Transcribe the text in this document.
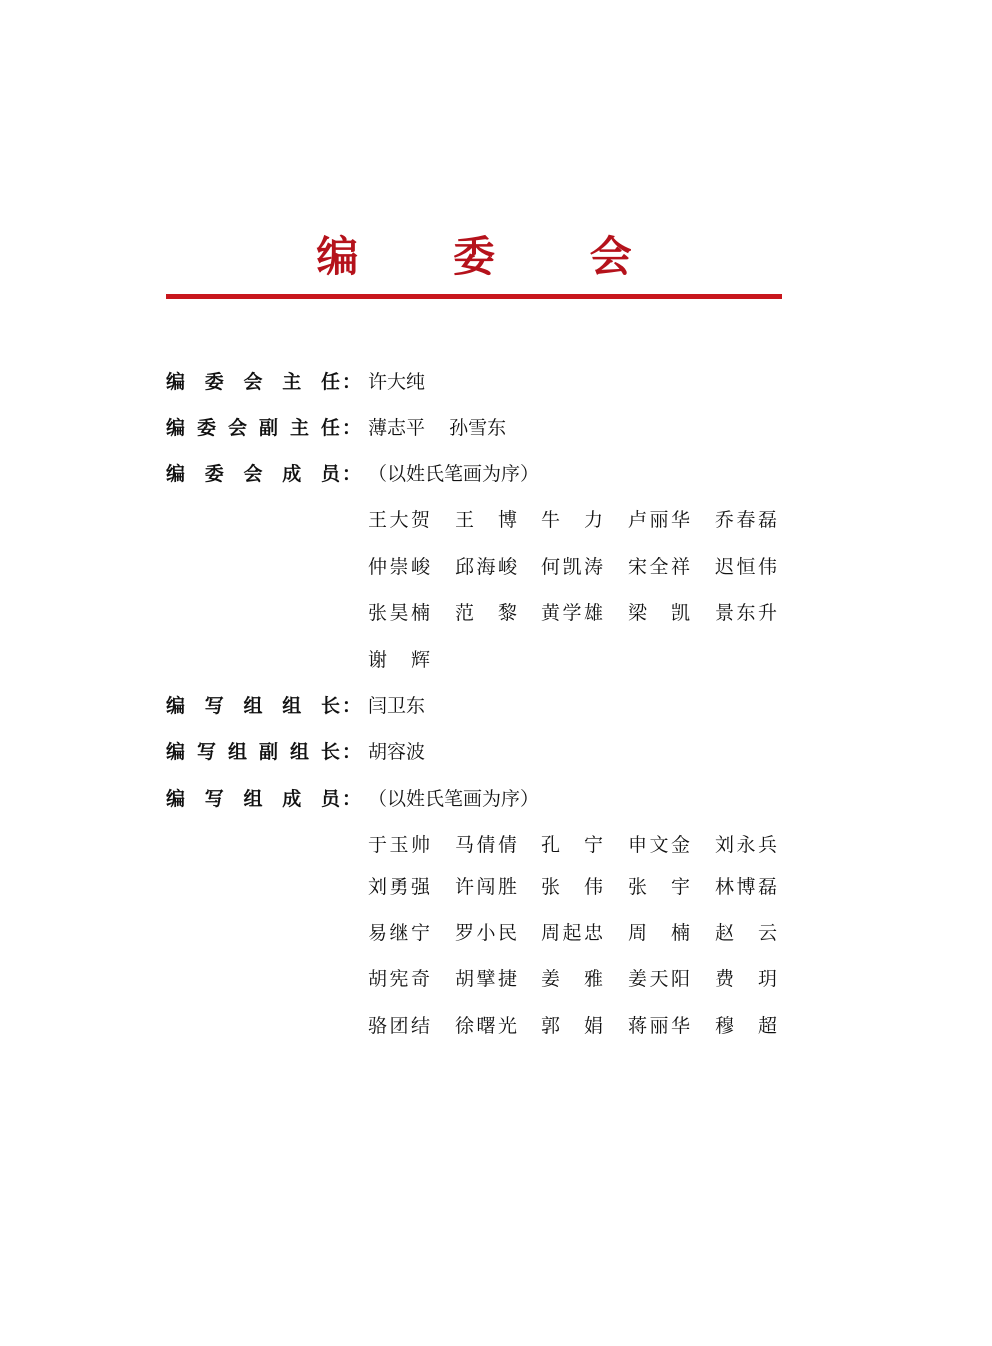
编 委 会
编 委 会 主 任 ： 许大纯
编 委 会 副 主 任 ： 薄志平    孙雪东
编 委 会 成 员 ： （以姓氏笔画为序）
编 写 组 组 长 ： 闫卫东
编 写 组 副 组 长 ： 胡容波
编 写 组 成 员 ： （以姓氏笔画为序）
王 大 贺 王 博 牛 力 卢 丽 华 乔 春 磊
仲 崇 峻 邱 海 峻 何 凯 涛 宋 全 祥 迟 恒 伟
张 昊 楠 范 黎 黄 学 雄 梁 凯 景 东 升
谢 辉
于 玉 帅 马 倩 倩 孔 宁 申 文 金 刘 永 兵
刘 勇 强 许 闯 胜 张 伟 张 宇 林 博 磊
易 继 宁 罗 小 民 周 起 忠 周 楠 赵 云
胡 宪 奇 胡 擘 捷 姜 雅 姜 天 阳 费 玥
骆 团 结 徐 曙 光 郭 娟 蒋 丽 华 穆 超
